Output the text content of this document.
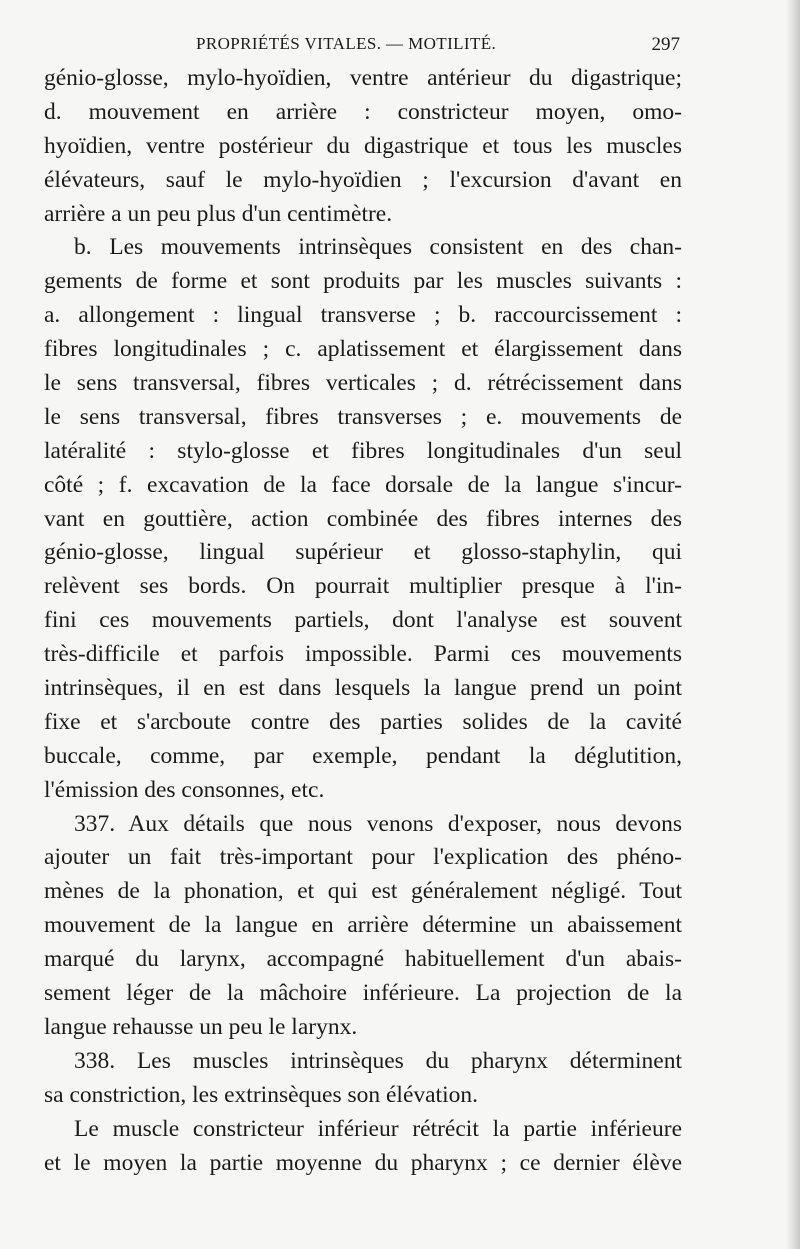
PROPRIÉTÉS VITALES. — MOTILITÉ.	297
génio-glosse, mylo-hyoïdien, ventre antérieur du digastrique;
d. mouvement en arrière : constricteur moyen, omo-
hyoïdien, ventre postérieur du digastrique et tous les muscles
élévateurs, sauf le mylo-hyoïdien ; l'excursion d'avant en
arrière a un peu plus d'un centimètre.
b. Les mouvements intrinsèques consistent en des chan-
gements de forme et sont produits par les muscles suivants :
a. allongement : lingual transverse ; b. raccourcissement :
fibres longitudinales ; c. aplatissement et élargissement dans
le sens transversal, fibres verticales ; d. rétrécissement dans
le sens transversal, fibres transverses ; e. mouvements de
latéralité : stylo-glosse et fibres longitudinales d'un seul
côté ; f. excavation de la face dorsale de la langue s'incur-
vant en gouttière, action combinée des fibres internes des
génio-glosse, lingual supérieur et glosso-staphylin, qui
relèvent ses bords. On pourrait multiplier presque à l'in-
fini ces mouvements partiels, dont l'analyse est souvent
très-difficile et parfois impossible. Parmi ces mouvements
intrinsèques, il en est dans lesquels la langue prend un point
fixe et s'arcboute contre des parties solides de la cavité
buccale, comme, par exemple, pendant la déglutition,
l'émission des consonnes, etc.
337. Aux détails que nous venons d'exposer, nous devons
ajouter un fait très-important pour l'explication des phéno-
mènes de la phonation, et qui est généralement négligé. Tout
mouvement de la langue en arrière détermine un abaissement
marqué du larynx, accompagné habituellement d'un abais-
sement léger de la mâchoire inférieure. La projection de la
langue rehausse un peu le larynx.
338. Les muscles intrinsèques du pharynx déterminent
sa constriction, les extrinsèques son élévation.
Le muscle constricteur inférieur rétrécit la partie inférieure
et le moyen la partie moyenne du pharynx ; ce dernier élève
